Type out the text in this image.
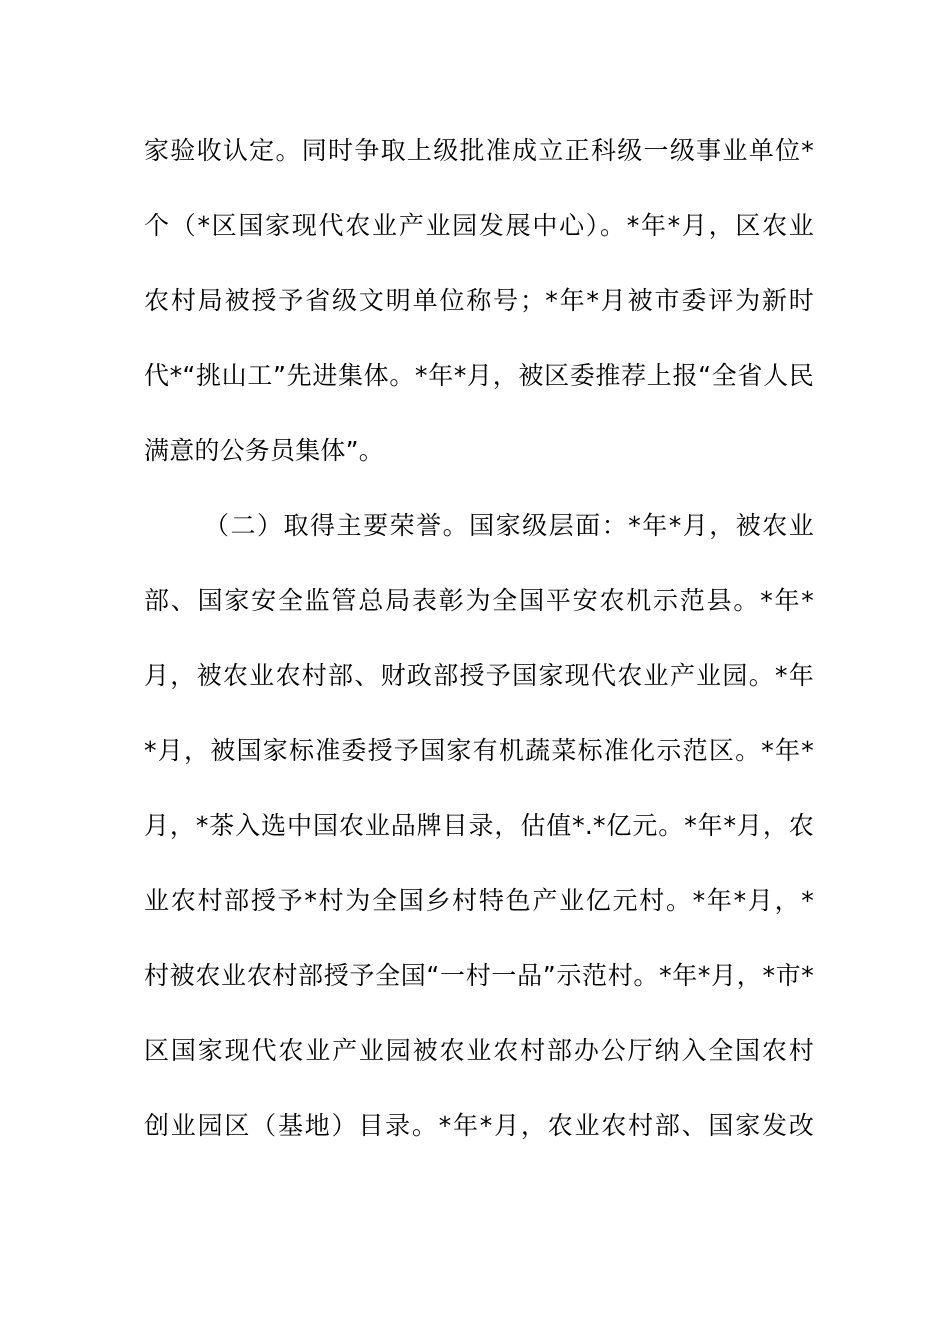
家验收认定。同时争取上级批准成立正科级一级事业单位*
个（*区国家现代农业产业园发展中心）。*年*月，区农业
农村局被授予省级文明单位称号；*年*月被市委评为新时
代*“挑山工”先进集体。*年*月，被区委推荐上报“全省人民
满意的公务员集体”。
（二）取得主要荣誉。国家级层面：*年*月，被农业
部、国家安全监管总局表彰为全国平安农机示范县。*年*
月，被农业农村部、财政部授予国家现代农业产业园。*年
*月，被国家标准委授予国家有机蔬菜标准化示范区。*年*
月，*茶入选中国农业品牌目录，估值*.*亿元。*年*月，农
业农村部授予*村为全国乡村特色产业亿元村。*年*月，*
村被农业农村部授予全国“一村一品”示范村。*年*月，*市*
区国家现代农业产业园被农业农村部办公厅纳入全国农村
创业园区（基地）目录。*年*月，农业农村部、国家发改
